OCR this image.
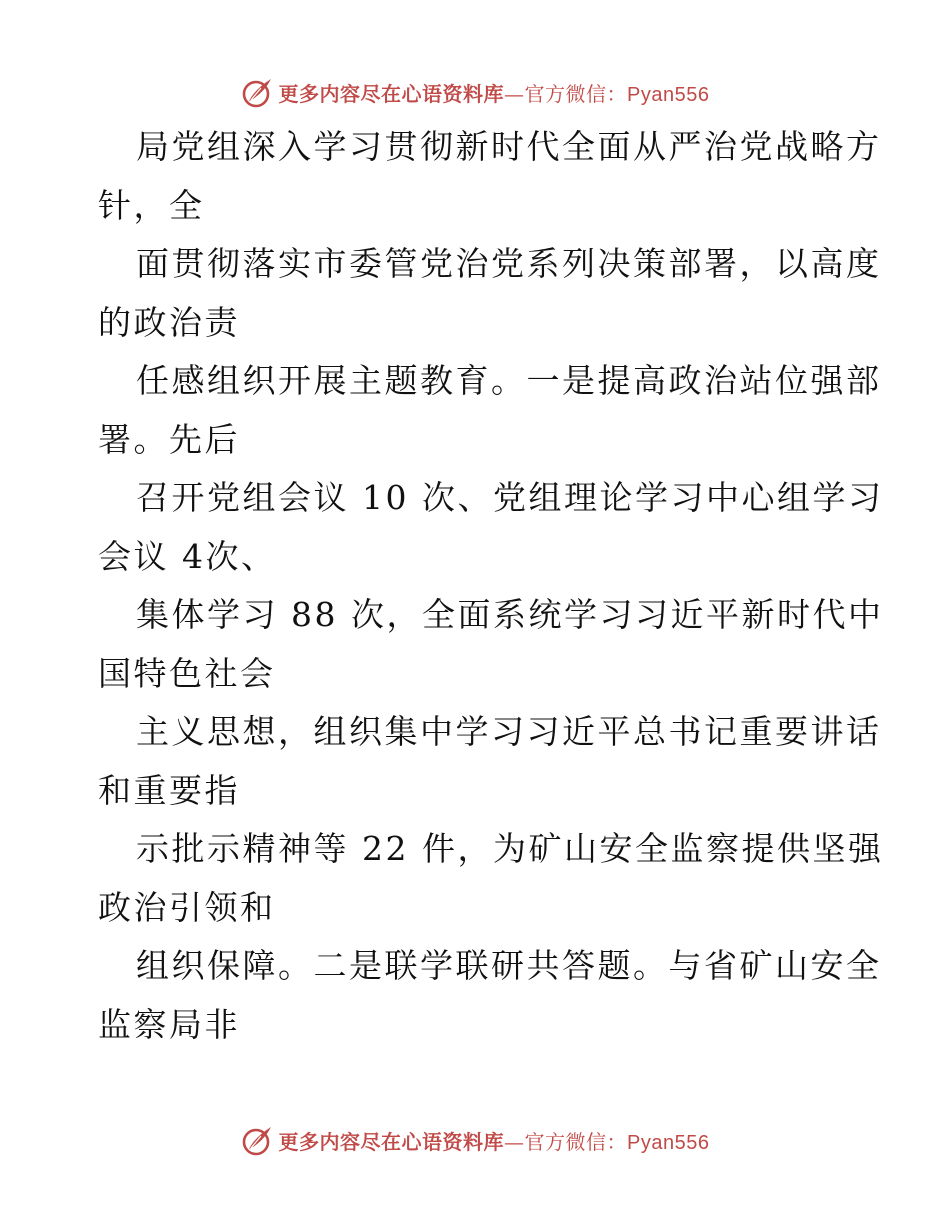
更多内容尽在心语资料库—官方微信：Pyan556
局党组深入学习贯彻新时代全面从严治党战略方
针，全
面贯彻落实市委管党治党系列决策部署，以高度
的政治责
任感组织开展主题教育。一是提高政治站位强部
署。先后
召开党组会议 10 次、党组理论学习中心组学习
会议 4次、
集体学习 88 次，全面系统学习习近平新时代中
国特色社会
主义思想，组织集中学习习近平总书记重要讲话
和重要指
示批示精神等 22 件，为矿山安全监察提供坚强
政治引领和
组织保障。二是联学联研共答题。与省矿山安全
监察局非
更多内容尽在心语资料库—官方微信：Pyan556
